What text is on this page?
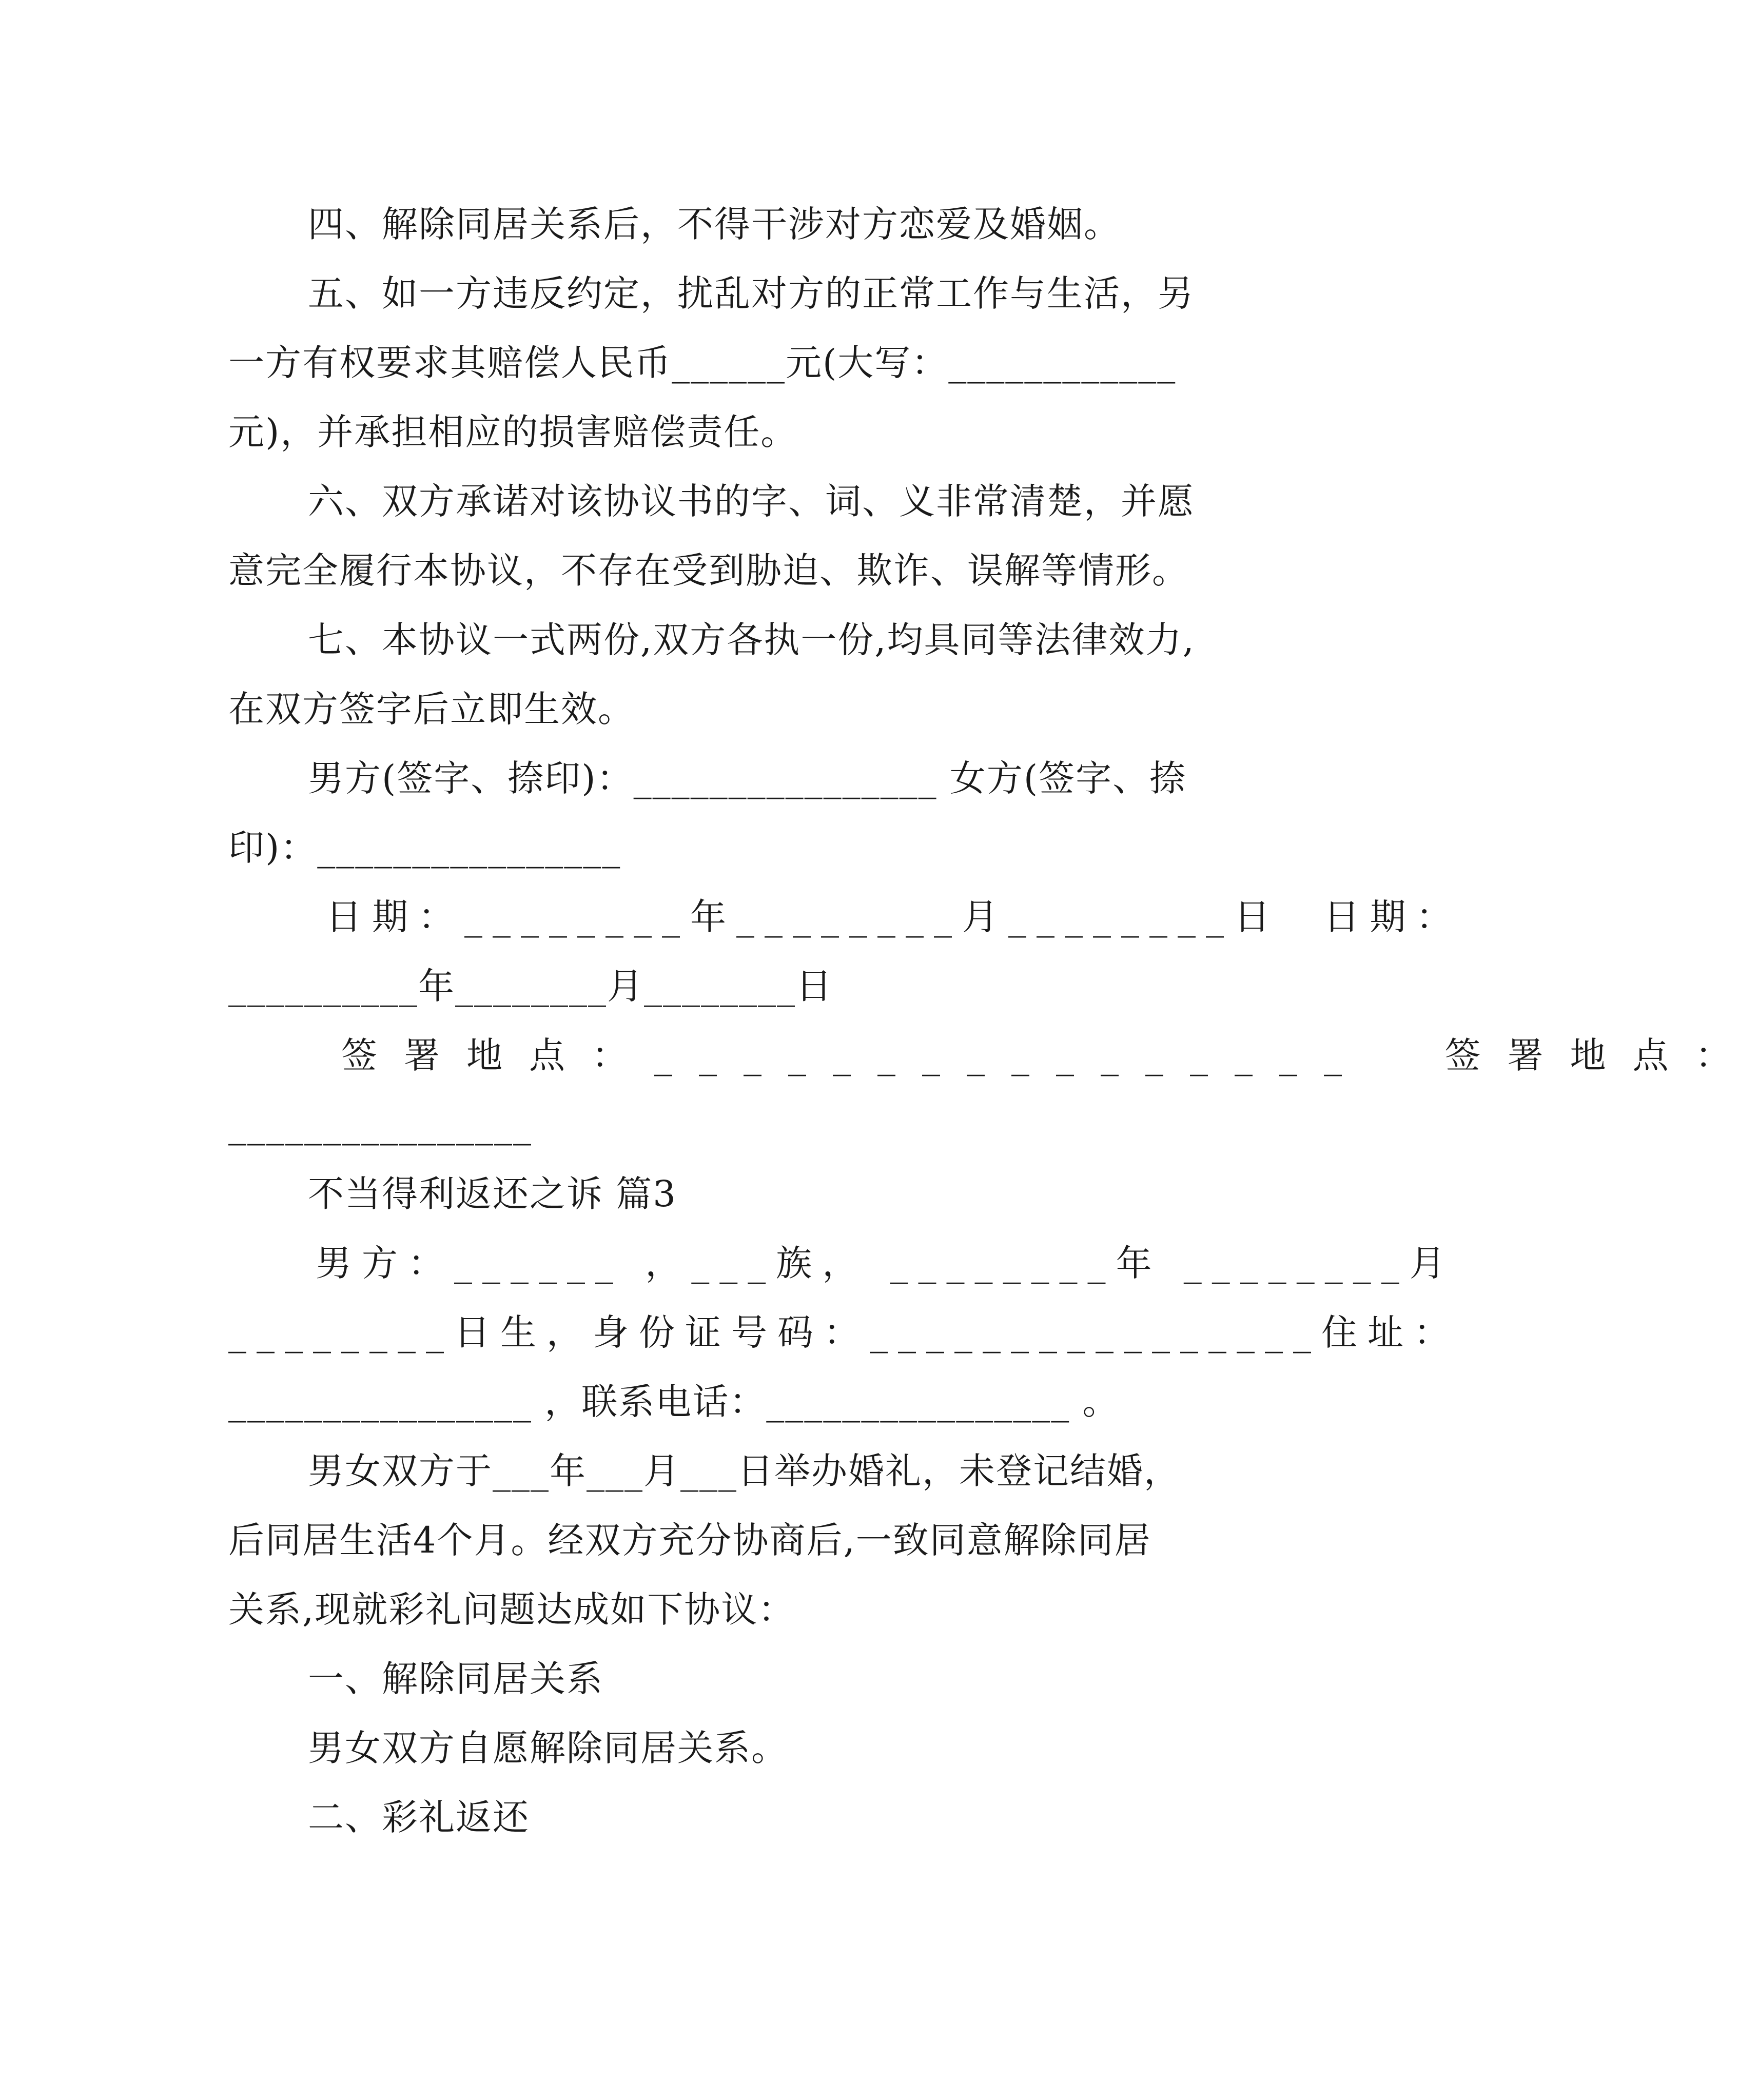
四、解除同居关系后，不得干涉对方恋爱及婚姻。
五、如一方违反约定，扰乱对方的正常工作与生活，另
一方有权要求其赔偿人民币______元(大写：____________
元)，并承担相应的损害赔偿责任。
六、双方承诺对该协议书的字、词、义非常清楚，并愿
意完全履行本协议，不存在受到胁迫、欺诈、误解等情形。
七、本协议一式两份,双方各执一份,均具同等法律效力,
在双方签字后立即生效。
男方(签字、捺印)：________________ 女方(签字、捺
印)：________________
日期：________年________月________日  日期：
__________年________月________日
签署地点：________________  签署地点：
________________
不当得利返还之诉 篇3
男方：______ ，___族， ________年 ________月
________日生，身份证号码：________________住址：
________________ ，联系电话：________________ 。
男女双方于___年___月___日举办婚礼，未登记结婚，
后同居生活4个月。经双方充分协商后,一致同意解除同居
关系,现就彩礼问题达成如下协议：
一、解除同居关系
男女双方自愿解除同居关系。
二、彩礼返还
